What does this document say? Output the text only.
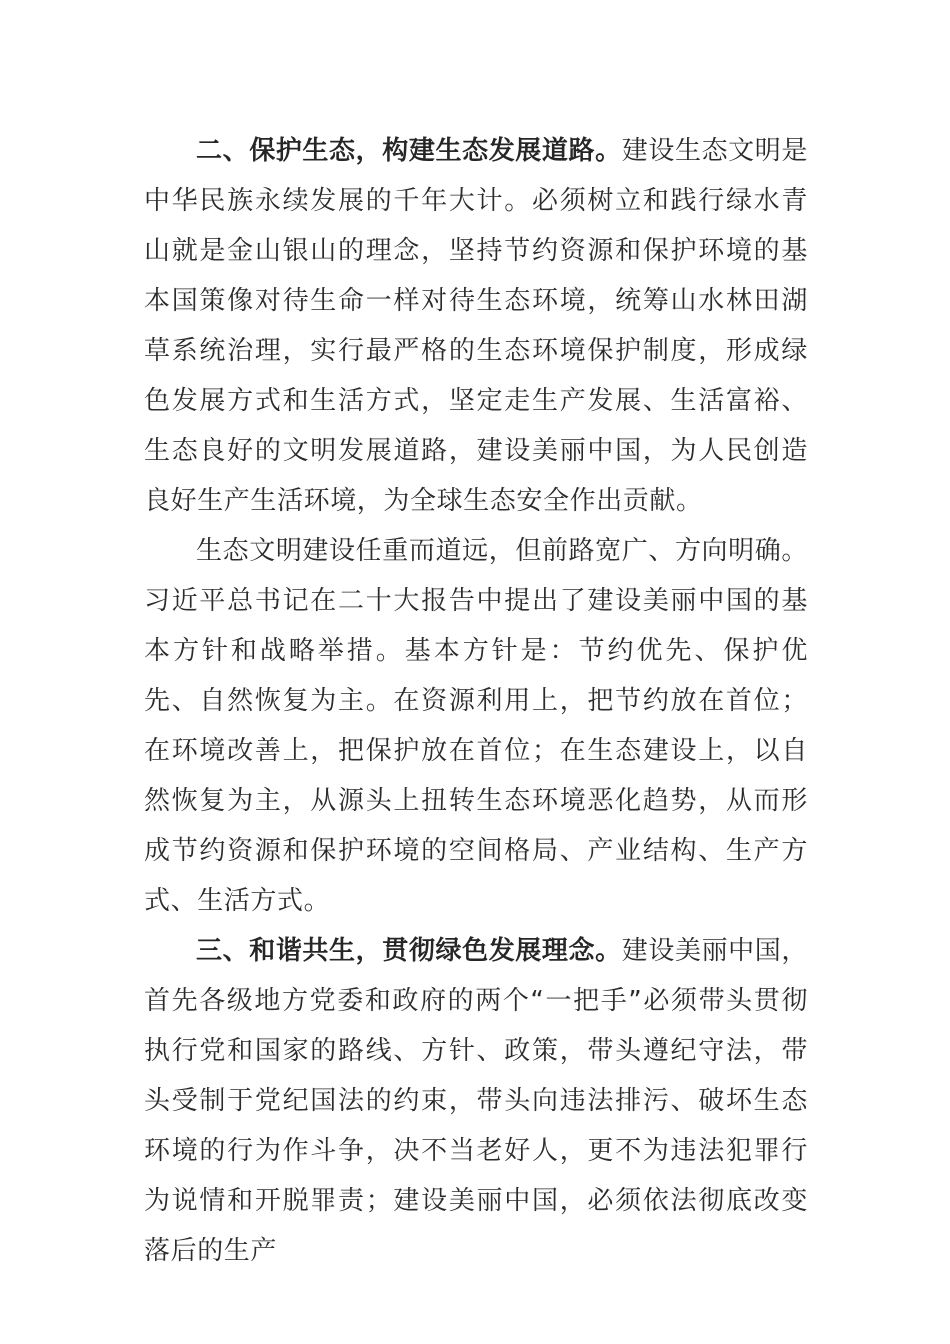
二、保护生态，构建生态发展道路。建设生态文明是中华民族永续发展的千年大计。必须树立和践行绿水青山就是金山银山的理念，坚持节约资源和保护环境的基本国策像对待生命一样对待生态环境，统筹山水林田湖草系统治理，实行最严格的生态环境保护制度，形成绿色发展方式和生活方式，坚定走生产发展、生活富裕、生态良好的文明发展道路，建设美丽中国，为人民创造良好生产生活环境，为全球生态安全作出贡献。

生态文明建设任重而道远，但前路宽广、方向明确。习近平总书记在二十大报告中提出了建设美丽中国的基本方针和战略举措。基本方针是：节约优先、保护优先、自然恢复为主。在资源利用上，把节约放在首位；在环境改善上，把保护放在首位；在生态建设上，以自然恢复为主，从源头上扭转生态环境恶化趋势，从而形成节约资源和保护环境的空间格局、产业结构、生产方式、生活方式。

三、和谐共生，贯彻绿色发展理念。建设美丽中国，首先各级地方党委和政府的两个“一把手”必须带头贯彻执行党和国家的路线、方针、政策，带头遵纪守法，带头受制于党纪国法的约束，带头向违法排污、破坏生态环境的行为作斗争，决不当老好人，更不为违法犯罪行为说情和开脱罪责；建设美丽中国，必须依法彻底改变落后的生产
